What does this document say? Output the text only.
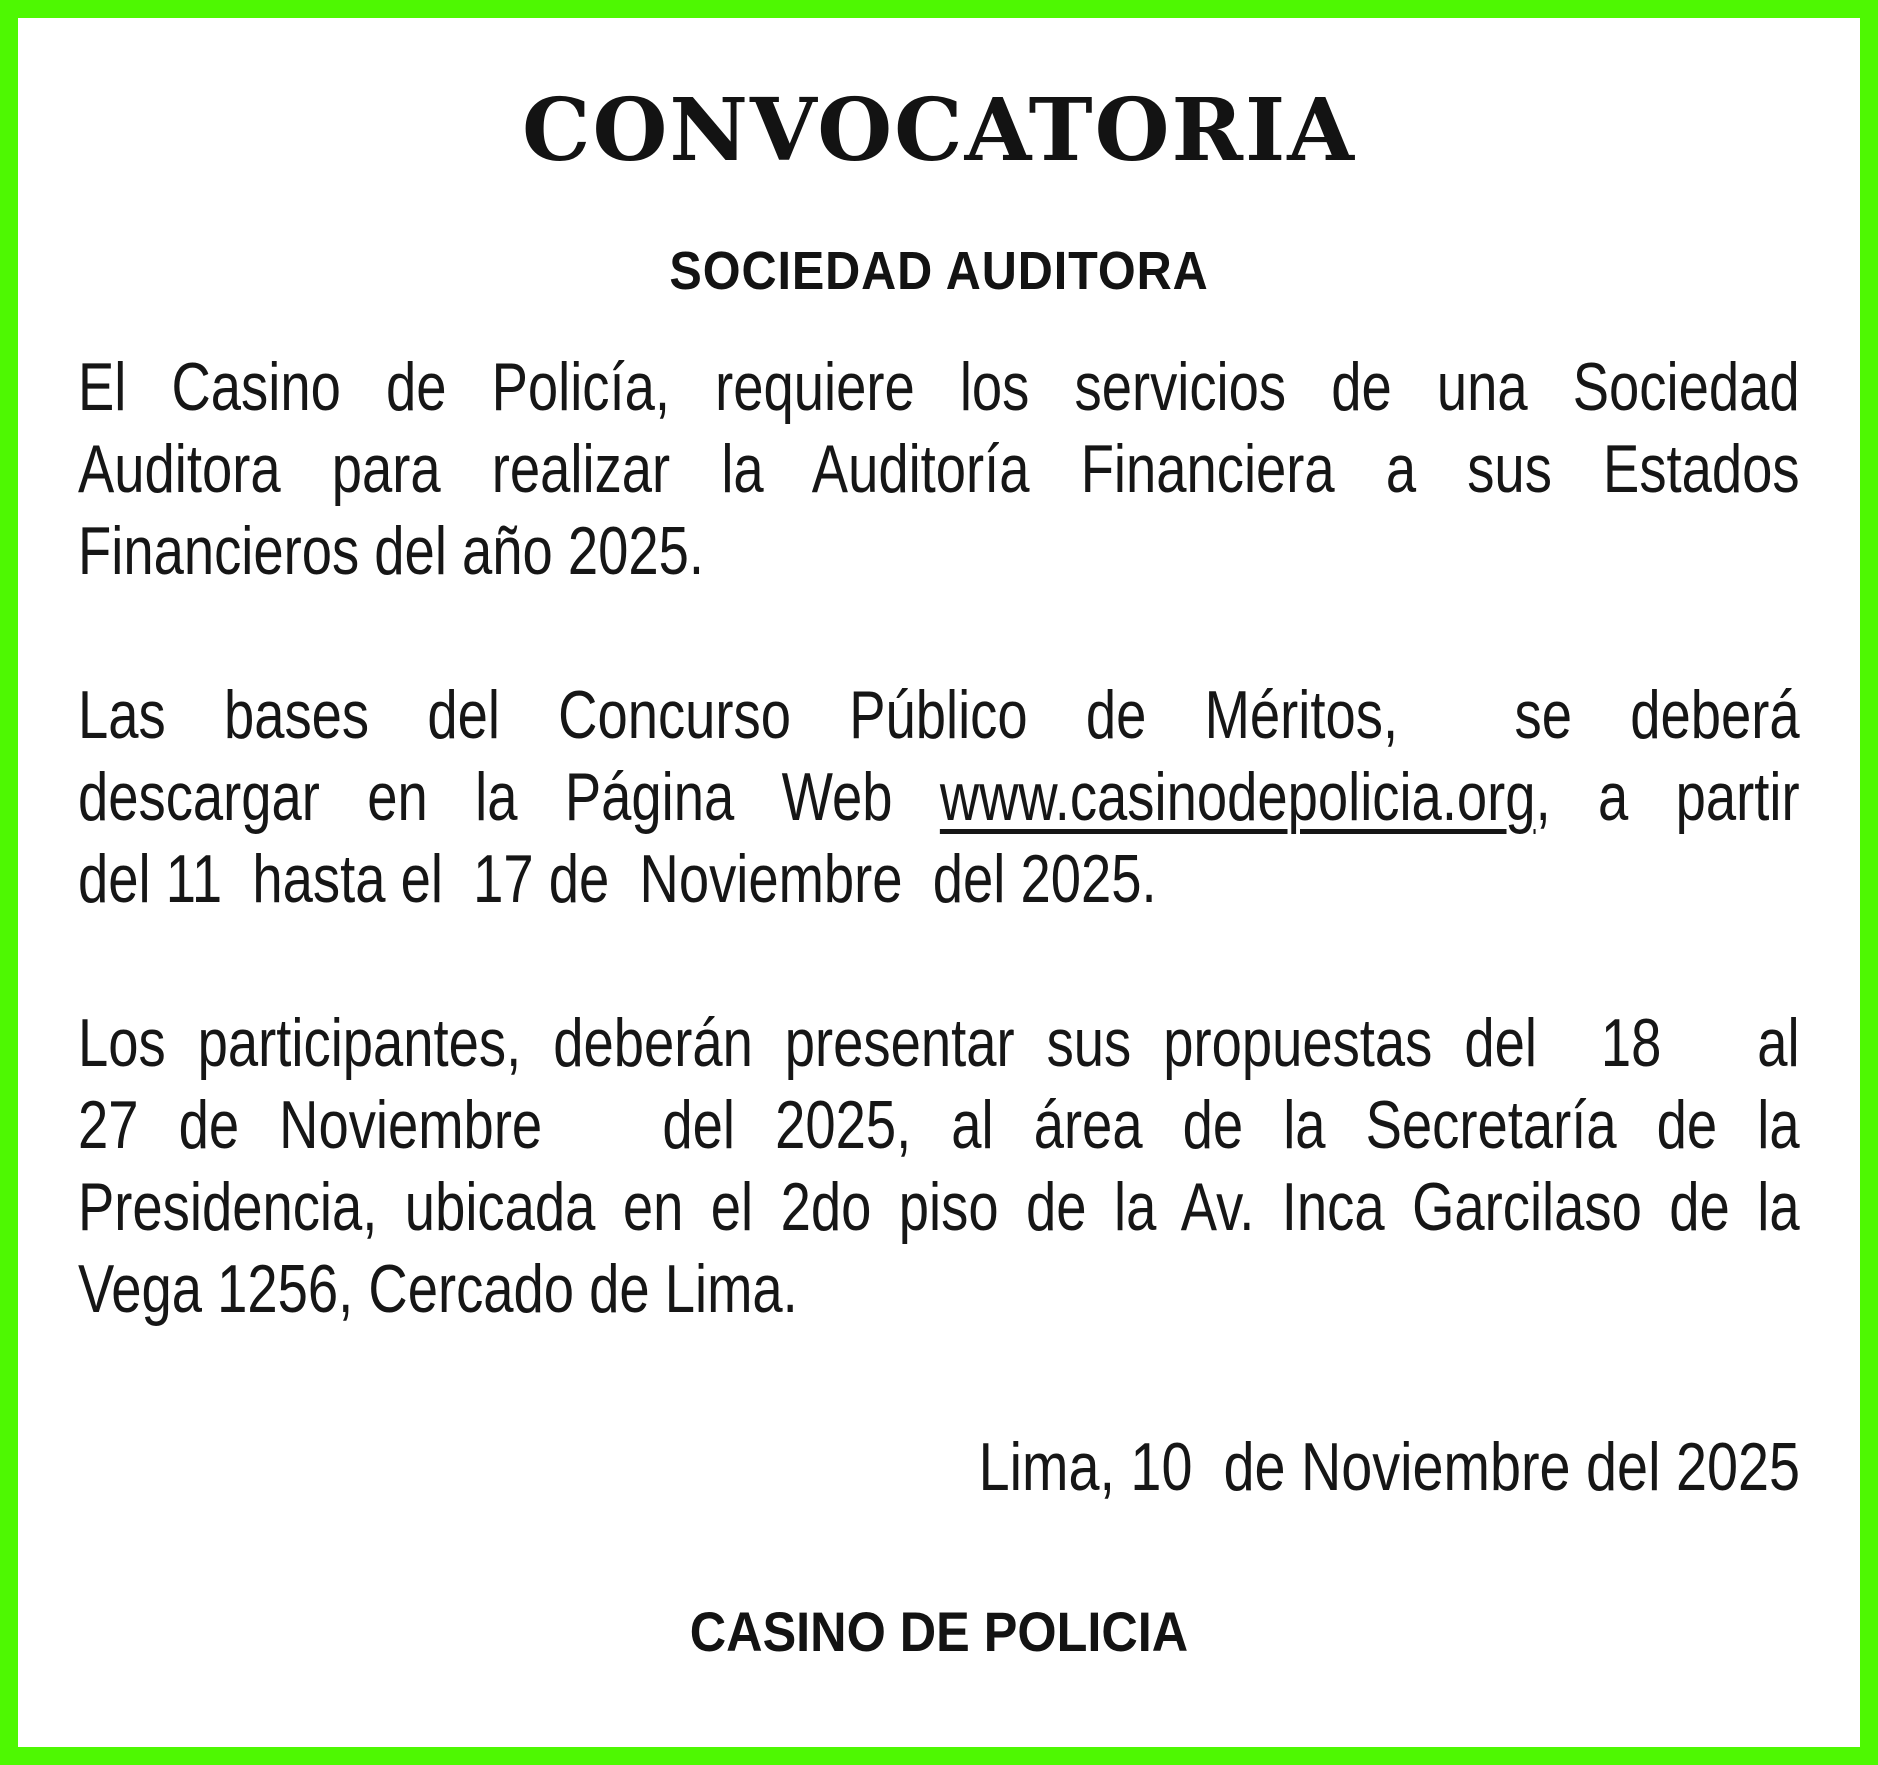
CONVOCATORIA
SOCIEDAD AUDITORA
El Casino de Policía, requiere los servicios de una Sociedad
Auditora para realizar la Auditoría Financiera a sus Estados
Financieros del año 2025.
Las bases del Concurso Público de Méritos,  se deberá
descargar en la Página Web www.casinodepolicia.org, a partir
del 11  hasta el  17 de  Noviembre  del 2025.
Los participantes, deberán presentar sus propuestas del  18   al
27 de Noviembre   del 2025, al área de la Secretaría de la
Presidencia, ubicada en el 2do piso de la Av. Inca Garcilaso de la
Vega 1256, Cercado de Lima.
Lima, 10  de Noviembre del 2025
CASINO DE POLICIA
